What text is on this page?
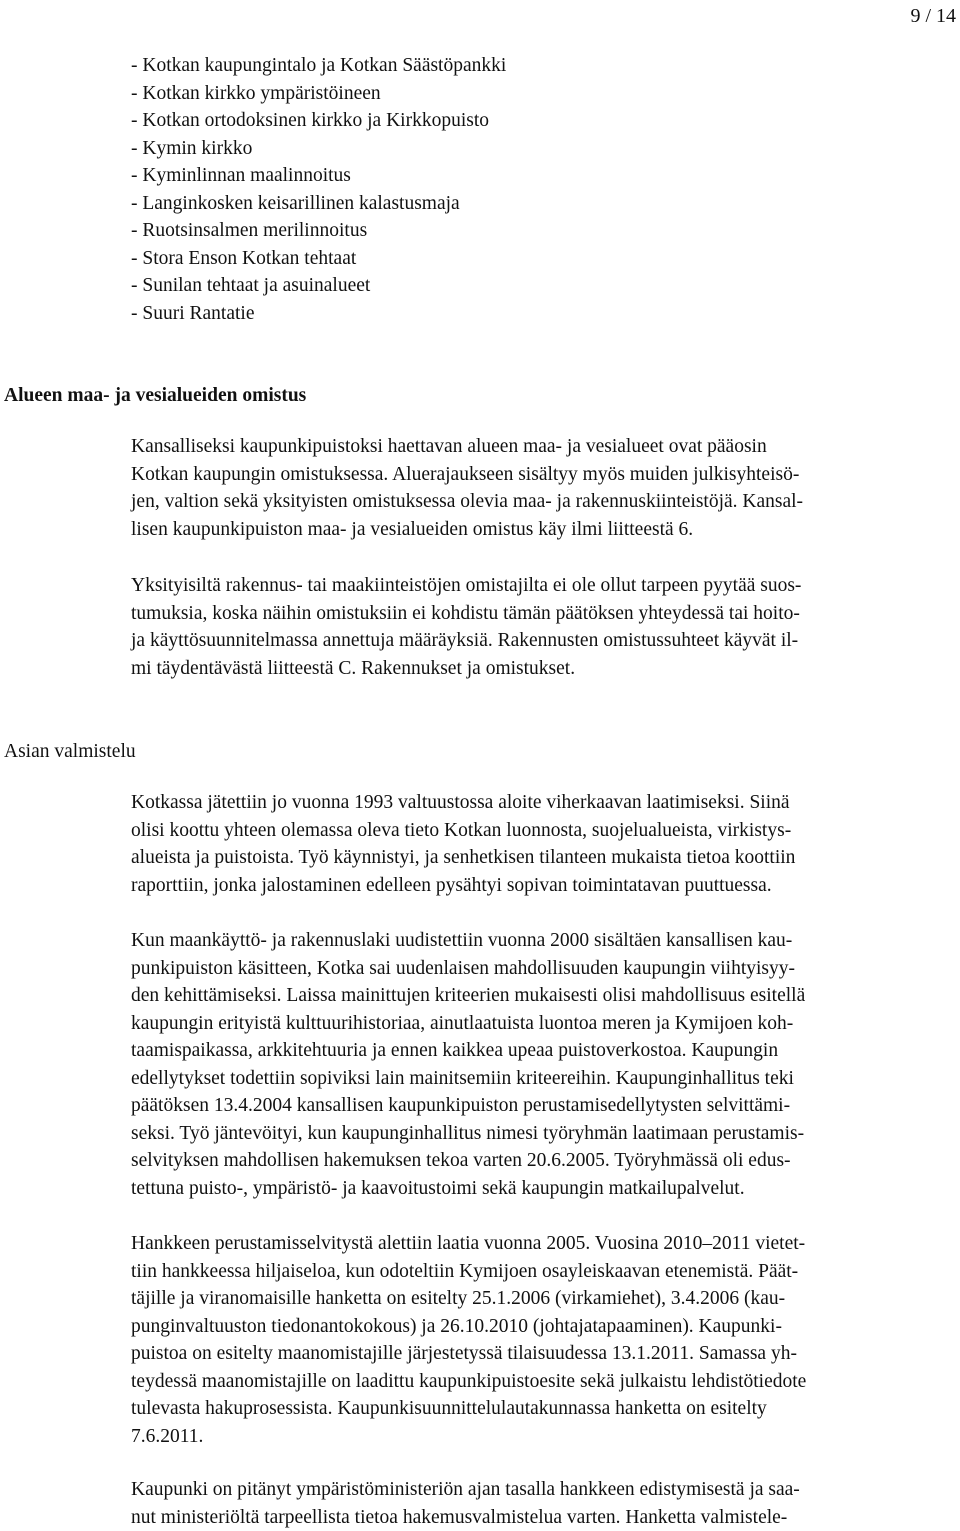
9 / 14
- Kotkan kaupungintalo ja Kotkan Säästöpankki
- Kotkan kirkko ympäristöineen
- Kotkan ortodoksinen kirkko ja Kirkkopuisto
- Kymin kirkko
- Kyminlinnan maalinnoitus
- Langinkosken keisarillinen kalastusmaja
- Ruotsinsalmen merilinnoitus
- Stora Enson Kotkan tehtaat
- Sunilan tehtaat ja asuinalueet
- Suuri Rantatie
Alueen maa- ja vesialueiden omistus

Kansalliseksi kaupunkipuistoksi haettavan alueen maa- ja vesialueet ovat pääosin
Kotkan kaupungin omistuksessa. Aluerajaukseen sisältyy myös muiden julkisyhteisö-
jen, valtion sekä yksityisten omistuksessa olevia maa- ja rakennuskiinteistöjä. Kansal-
lisen kaupunkipuiston maa- ja vesialueiden omistus käy ilmi liitteestä 6.

Yksityisiltä rakennus- tai maakiinteistöjen omistajilta ei ole ollut tarpeen pyytää suos-
tumuksia, koska näihin omistuksiin ei kohdistu tämän päätöksen yhteydessä tai hoito-
ja käyttösuunnitelmassa annettuja määräyksiä. Rakennusten omistussuhteet käyvät il-
mi täydentävästä liitteestä C. Rakennukset ja omistukset.

Asian valmistelu

Kotkassa jätettiin jo vuonna 1993 valtuustossa aloite viherkaavan laatimiseksi. Siinä
olisi koottu yhteen olemassa oleva tieto Kotkan luonnosta, suojelualueista, virkistys-
alueista ja puistoista. Työ käynnistyi, ja senhetkisen tilanteen mukaista tietoa koottiin
raporttiin, jonka jalostaminen edelleen pysähtyi sopivan toimintatavan puuttuessa.

Kun maankäyttö- ja rakennuslaki uudistettiin vuonna 2000 sisältäen kansallisen kau-
punkipuiston käsitteen, Kotka sai uudenlaisen mahdollisuuden kaupungin viihtyisyy-
den kehittämiseksi. Laissa mainittujen kriteerien mukaisesti olisi mahdollisuus esitellä
kaupungin erityistä kulttuurihistoriaa, ainutlaatuista luontoa meren ja Kymijoen koh-
taamispaikassa, arkkitehtuuria ja ennen kaikkea upeaa puistoverkostoa. Kaupungin
edellytykset todettiin sopiviksi lain mainitsemiin kriteereihin. Kaupunginhallitus teki
päätöksen 13.4.2004 kansallisen kaupunkipuiston perustamisedellytysten selvittämi-
seksi. Työ jäntevöityi, kun kaupunginhallitus nimesi työryhmän laatimaan perustamis-
selvityksen mahdollisen hakemuksen tekoa varten 20.6.2005. Työryhmässä oli edus-
tettuna puisto-, ympäristö- ja kaavoitustoimi sekä kaupungin matkailupalvelut.

Hankkeen perustamisselvitystä alettiin laatia vuonna 2005. Vuosina 2010–2011 vietet-
tiin hankkeessa hiljaiseloa, kun odoteltiin Kymijoen osayleiskaavan etenemistä. Päät-
täjille ja viranomaisille hanketta on esitelty 25.1.2006 (virkamiehet), 3.4.2006 (kau-
punginvaltuuston tiedonantokokous) ja 26.10.2010 (johtajatapaaminen). Kaupunki-
puistoa on esitelty maanomistajille järjestetyssä tilaisuudessa 13.1.2011. Samassa yh-
teydessä maanomistajille on laadittu kaupunkipuistoesite sekä julkaistu lehdistötiedote
tulevasta hakuprosessista. Kaupunkisuunnittelulautakunnassa hanketta on esitelty
7.6.2011.

Kaupunki on pitänyt ympäristöministeriön ajan tasalla hankkeen edistymisestä ja saa-
nut ministeriöltä tarpeellista tietoa hakemusvalmistelua varten. Hanketta valmistele-
